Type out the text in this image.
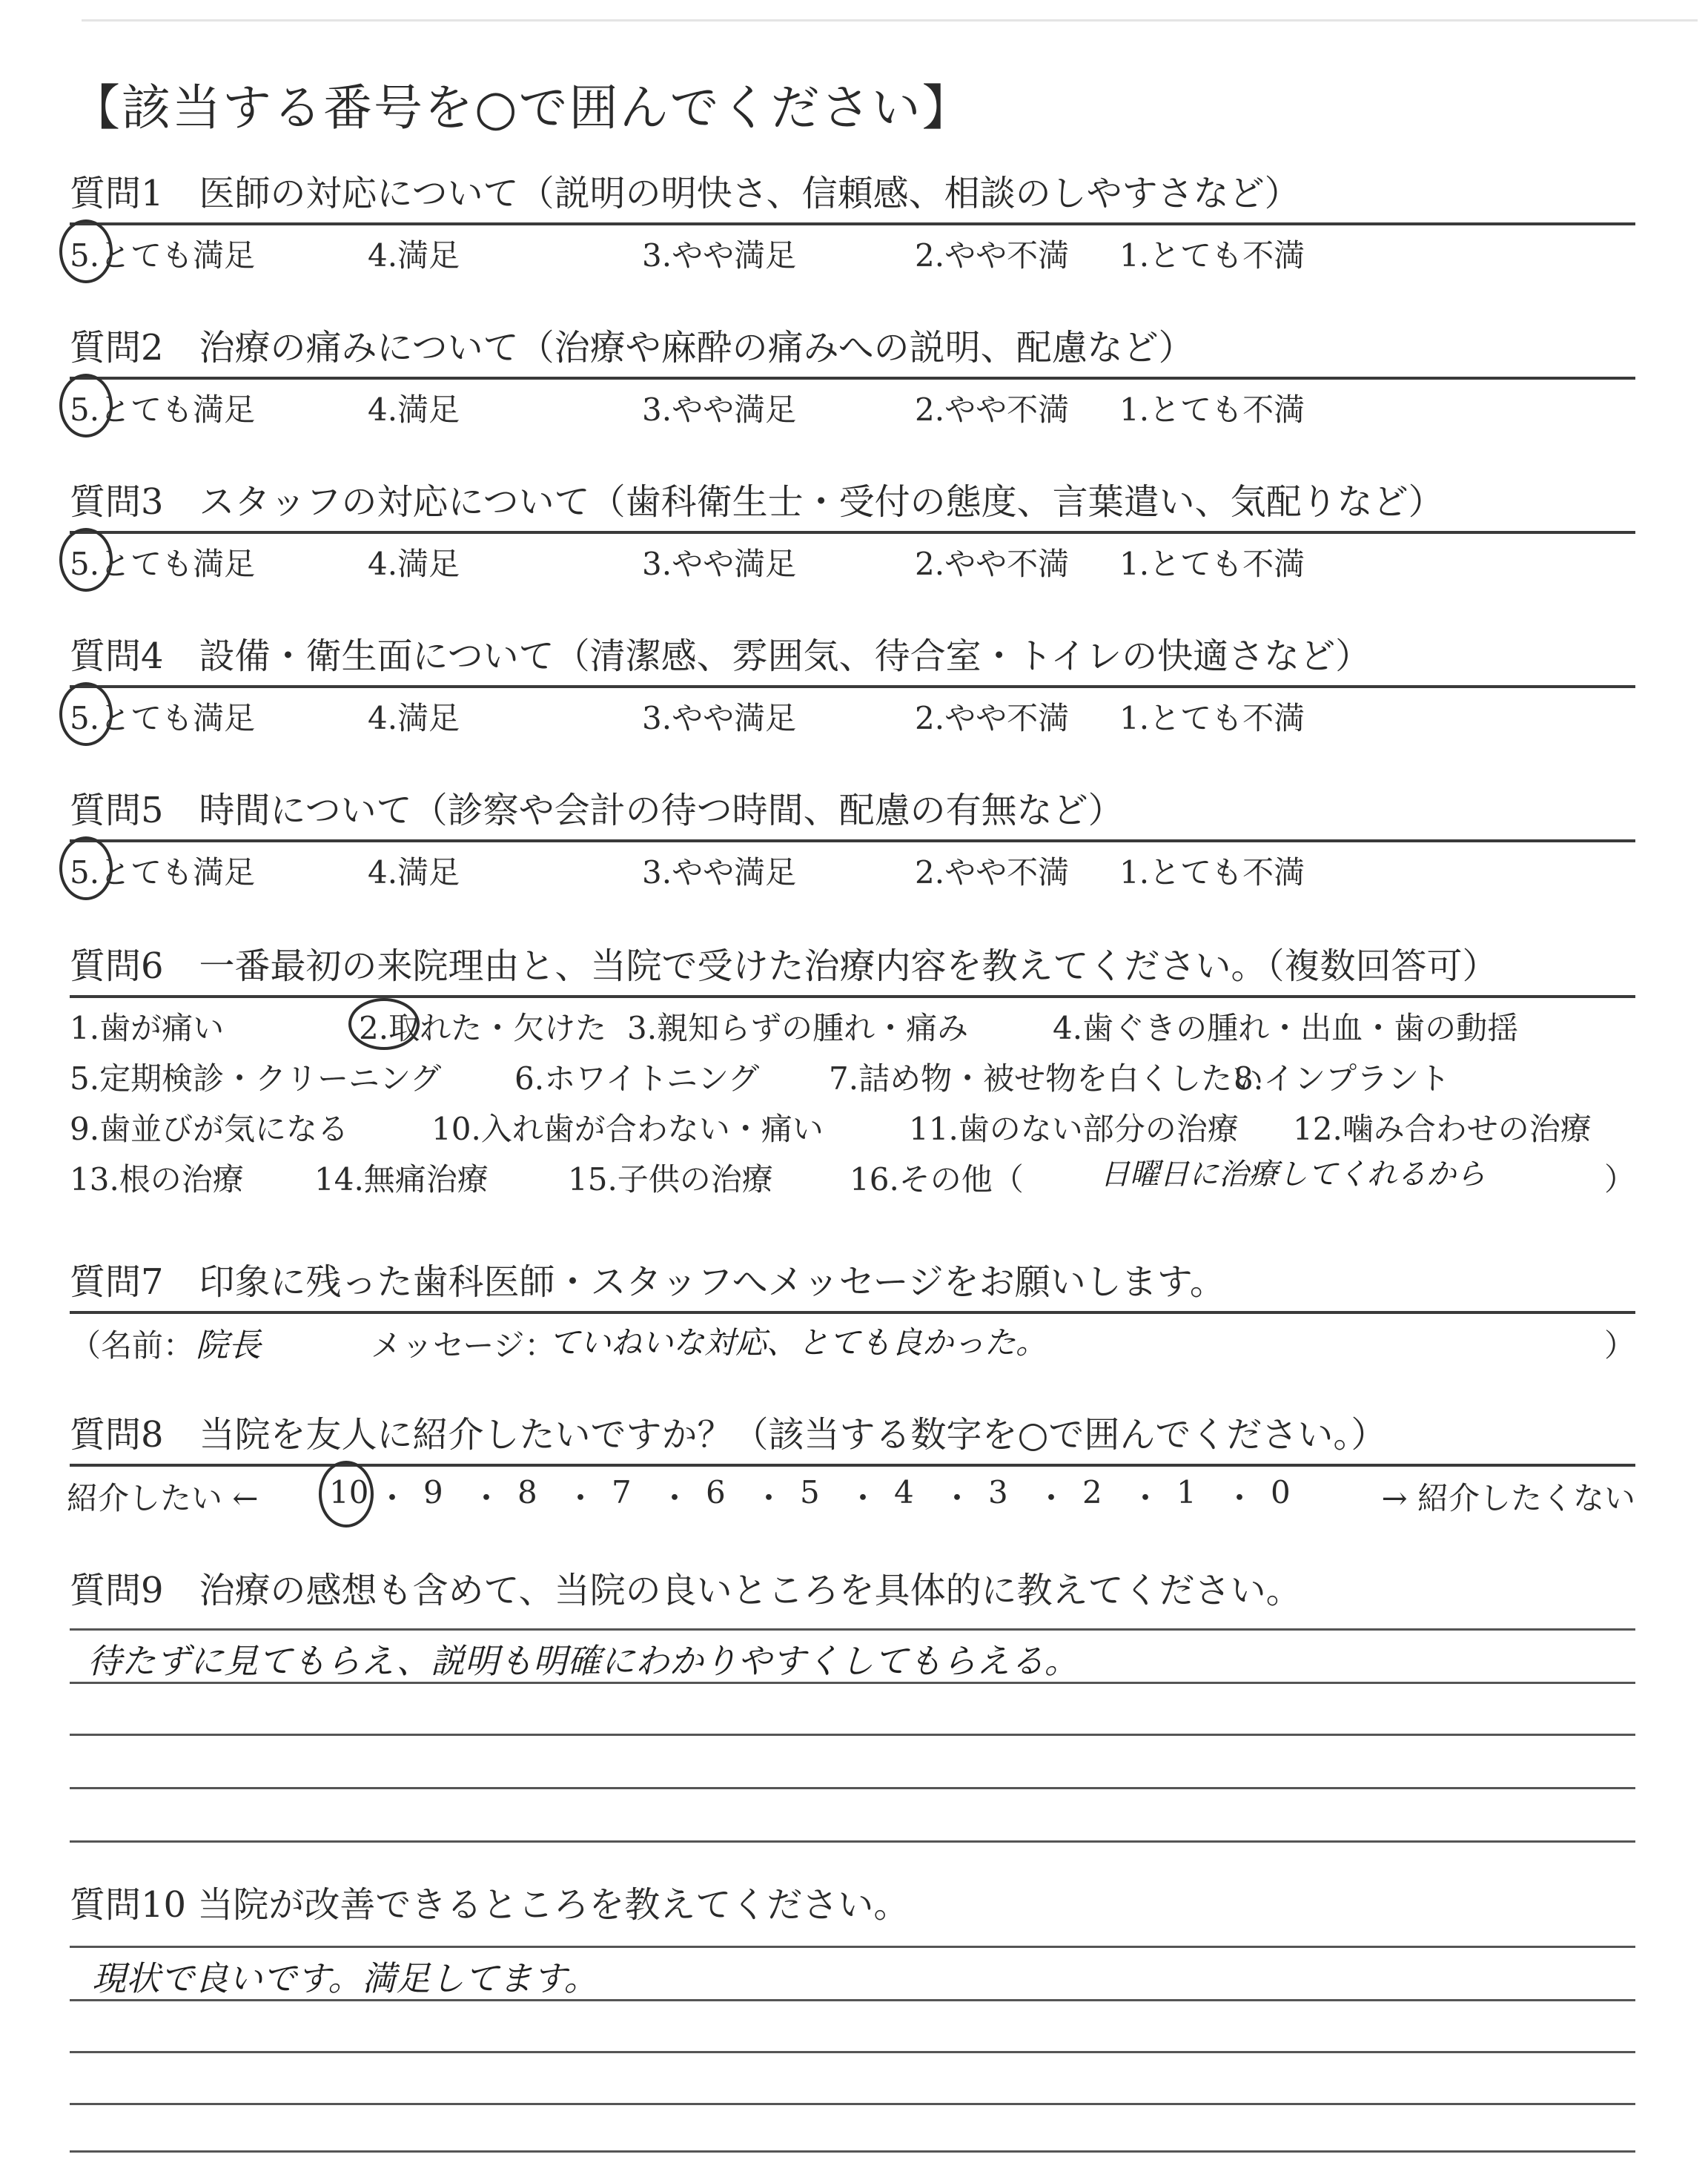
【該当する番号を○で囲んでください】
質問1　医師の対応について（説明の明快さ、信頼感、相談のしやすさなど）
5.とても満足	4.満足	3.やや満足	2.やや不満 1.とても不満
質問2　治療の痛みについて（治療や麻酔の痛みへの説明、配慮など）
5.とても満足	4.満足	3.やや満足	2.やや不満 1.とても不満
質問3　スタッフの対応について（歯科衛生士・受付の態度、言葉遣い、気配りなど）
5.とても満足	4.満足	3.やや満足	2.やや不満 1.とても不満
質問4　設備・衛生面について（清潔感、雰囲気、待合室・トイレの快適さなど）
5.とても満足	4.満足	3.やや満足	2.やや不満 1.とても不満
質問5　時間について（診察や会計の待つ時間、配慮の有無など）
5.とても満足	4.満足	3.やや満足	2.やや不満 1.とても不満
質問6　一番最初の来院理由と、当院で受けた治療内容を教えてください。（複数回答可）
1.歯が痛い	2.取れた・欠けた 3.親知らずの腫れ・痛み	4.歯ぐきの腫れ・出血・歯の動揺
5.定期検診・クリーニング 6.ホワイトニング 7.詰め物・被せ物を白くしたい
8.インプラント
9.歯並びが気になる	10.入れ歯が合わない・痛い	11.歯のない部分の治療 12.噛み合わせの治療
13.根の治療 14.無痛治療	15.子供の治療 16.その他（	日曜日に治療してくれるから	）
質問7　印象に残った歯科医師・スタッフへメッセージをお願いします。
（名前： 院長	メッセージ：
ていねいな対応、とても良かった。	）
質問8　当院を友人に紹介したいですか？（該当する数字を○で囲んでください。）
紹介したい ←	→ 紹介したくない
10 ・ 9 ・ 8 ・ 7 ・ 6 ・ 5 ・ 4 ・ 3 ・ 2 ・ 1 ・ 0
質問9　治療の感想も含めて、当院の良いところを具体的に教えてください。
待たずに見てもらえ、説明も明確にわかりやすくしてもらえる。
質問10 当院が改善できるところを教えてください。
現状で良いです。満足してます。
